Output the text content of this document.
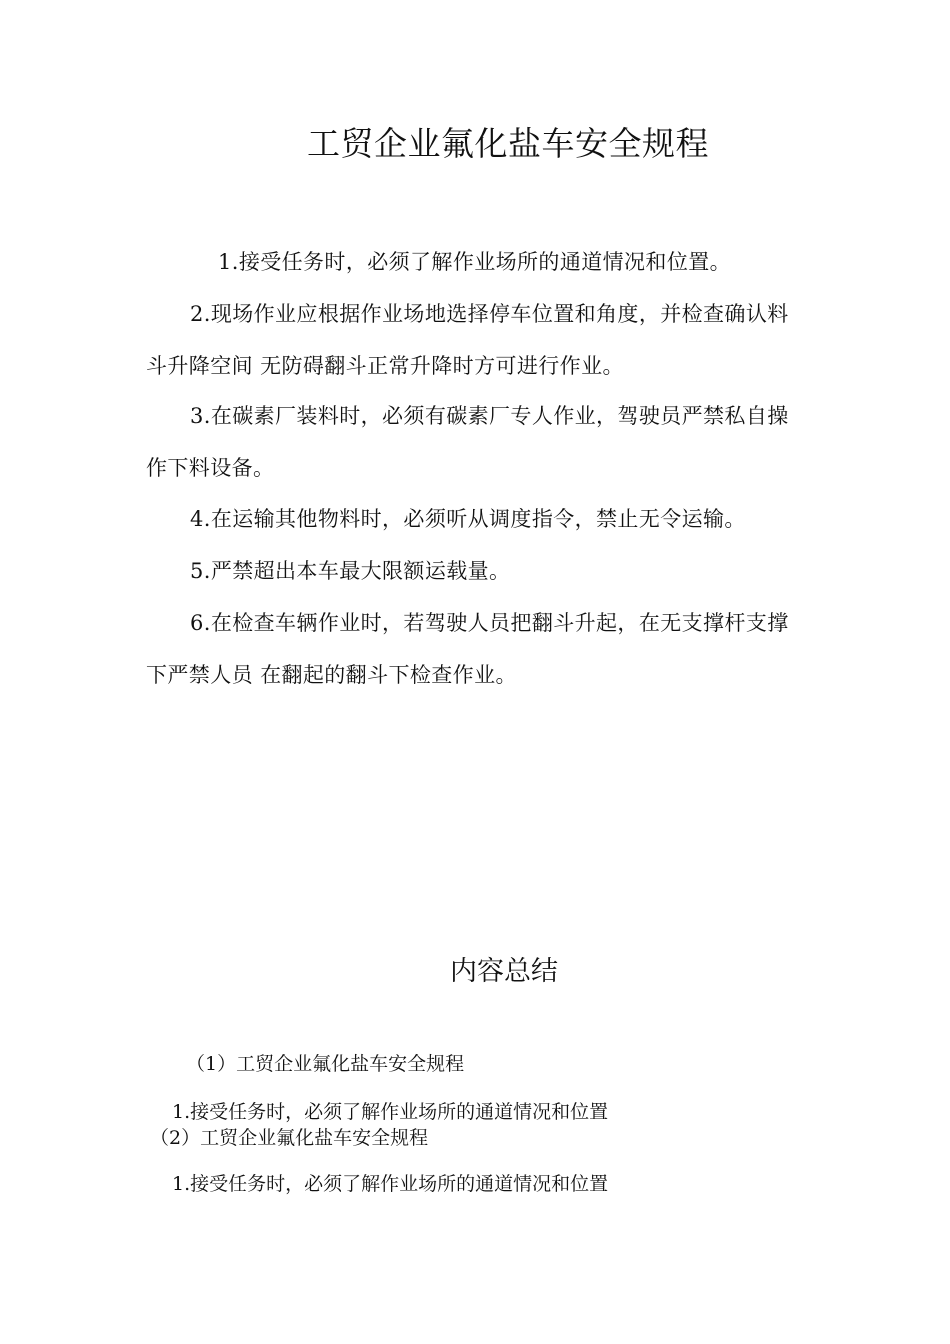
工贸企业氟化盐车安全规程

1.接受任务时，必须了解作业场所的通道情况和位置。

2.现场作业应根据作业场地选择停车位置和角度，并检查确认料斗升降空间 无防碍翻斗正常升降时方可进行作业。

3.在碳素厂装料时，必须有碳素厂专人作业，驾驶员严禁私自操作下料设备。

4.在运输其他物料时，必须听从调度指令，禁止无令运输。

5.严禁超出本车最大限额运载量。

6.在检查车辆作业时，若驾驶人员把翻斗升起，在无支撑杆支撑下严禁人员 在翻起的翻斗下检查作业。

内容总结

（1）工贸企业氟化盐车安全规程

1.接受任务时，必须了解作业场所的通道情况和位置

（2）工贸企业氟化盐车安全规程

1.接受任务时，必须了解作业场所的通道情况和位置
